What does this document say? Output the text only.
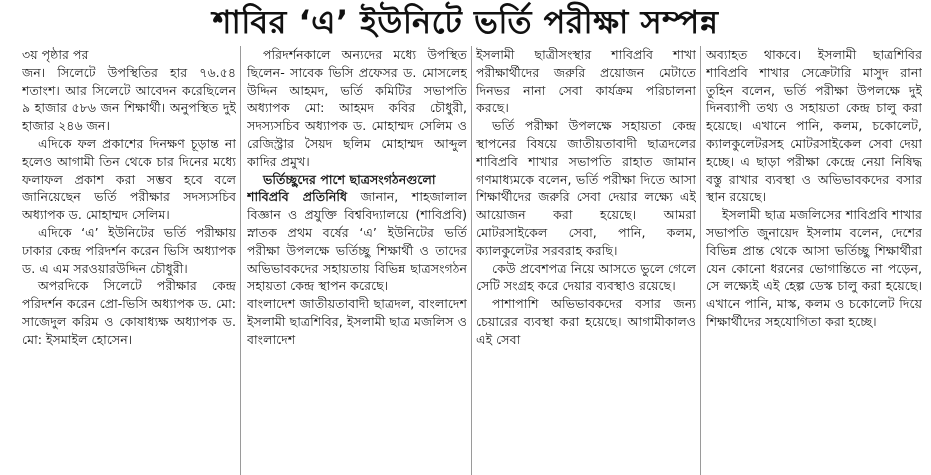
শাবির ‘এ’ ইউনিটে ভর্তি পরীক্ষা সম্পন্ন

৩য় পৃষ্ঠার পর

জন। সিলেটে উপস্থিতির হার ৭৬.৫৪ শতাংশ। আর সিলেটে আবেদন করেছিলেন ৯ হাজার ৫৮৬ জন শিক্ষার্থী। অনুপস্থিত দুই হাজার ২৪৬ জন।

এদিকে ফল প্রকাশের দিনক্ষণ চূড়ান্ত না হলেও আগামী তিন থেকে চার দিনের মধ্যে ফলাফল প্রকাশ করা সম্ভব হবে বলে জানিয়েছেন ভর্তি পরীক্ষার সদস্যসচিব অধ্যাপক ড. মোহাম্মদ সেলিম।

এদিকে ‘এ’ ইউনিটের ভর্তি পরীক্ষায় ঢাকার কেন্দ্র পরিদর্শন করেন ভিসি অধ্যাপক ড. এ এম সরওয়ারউদ্দিন চৌধুরী।

অপরদিকে সিলেটে পরীক্ষার কেন্দ্র পরিদর্শন করেন প্রো-ভিসি অধ্যাপক ড. মো: সাজেদুল করিম ও কোষাধ্যক্ষ অধ্যাপক ড. মো: ইসমাইল হোসেন।

পরিদর্শনকালে অন্যদের মধ্যে উপস্থিত ছিলেন- সাবেক ভিসি প্রফেসর ড. মোসলেহ উদ্দিন আহমদ, ভর্তি কমিটির সভাপতি অধ্যাপক মো: আহমদ কবির চৌধুরী, সদস্যসচিব অধ্যাপক ড. মোহাম্মদ সেলিম ও রেজিস্ট্রার সৈয়দ ছলিম মোহাম্মদ আব্দুল কাদির প্রমুখ।

ভর্তিচ্ছুদের পাশে ছাত্রসংগঠনগুলো

শাবিপ্রবি প্রতিনিধি জানান, শাহজালাল বিজ্ঞান ও প্রযুক্তি বিশ্ববিদ্যালয়ে (শাবিপ্রবি) স্নাতক প্রথম বর্ষের ‘এ’ ইউনিটের ভর্তি পরীক্ষা উপলক্ষে ভর্তিচ্ছু শিক্ষার্থী ও তাদের অভিভাবকদের সহায়তায় বিভিন্ন ছাত্রসংগঠন সহায়তা কেন্দ্র স্থাপন করেছে।

বাংলাদেশ জাতীয়তাবাদী ছাত্রদল, বাংলাদেশ ইসলামী ছাত্রশিবির, ইসলামী ছাত্র মজলিস ও বাংলাদেশ

ইসলামী ছাত্রীসংস্থার শাবিপ্রবি শাখা পরীক্ষার্থীদের জরুরি প্রয়োজন মেটাতে দিনভর নানা সেবা কার্যক্রম পরিচালনা করছে।

ভর্তি পরীক্ষা উপলক্ষে সহায়তা কেন্দ্র স্থাপনের বিষয়ে জাতীয়তাবাদী ছাত্রদলের শাবিপ্রবি শাখার সভাপতি রাহাত জামান গণমাধ্যমকে বলেন, ভর্তি পরীক্ষা দিতে আসা শিক্ষার্থীদের জরুরি সেবা দেয়ার লক্ষ্যে এই আয়োজন করা হয়েছে। আমরা মোটরসাইকেল সেবা, পানি, কলম, ক্যালকুলেটর সরবরাহ করছি।

কেউ প্রবেশপত্র নিয়ে আসতে ভুলে গেলে সেটি সংগ্রহ করে দেয়ার ব্যবস্থাও রয়েছে।

পাশাপাশি অভিভাবকদের বসার জন্য চেয়ারের ব্যবস্থা করা হয়েছে। আগামীকালও এই সেবা

অব্যাহত থাকবে। ইসলামী ছাত্রশিবির শাবিপ্রবি শাখার সেক্রেটারি মাসুদ রানা তুহিন বলেন, ভর্তি পরীক্ষা উপলক্ষে দুই দিনব্যাপী তথ্য ও সহায়তা কেন্দ্র চালু করা হয়েছে। এখানে পানি, কলম, চকোলেট, ক্যালকুলেটরসহ মোটরসাইকেল সেবা দেয়া হচ্ছে। এ ছাড়া পরীক্ষা কেন্দ্রে নেয়া নিষিদ্ধ বস্তু রাখার ব্যবস্থা ও অভিভাবকদের বসার স্থান রয়েছে।

ইসলামী ছাত্র মজলিসের শাবিপ্রবি শাখার সভাপতি জুনায়েদ ইসলাম বলেন, দেশের বিভিন্ন প্রান্ত থেকে আসা ভর্তিচ্ছু শিক্ষার্থীরা যেন কোনো ধরনের ভোগান্তিতে না পড়েন, সে লক্ষ্যেই এই হেল্প ডেস্ক চালু করা হয়েছে। এখানে পানি, মাস্ক, কলম ও চকোলেট দিয়ে শিক্ষার্থীদের সহযোগিতা করা হচ্ছে।
